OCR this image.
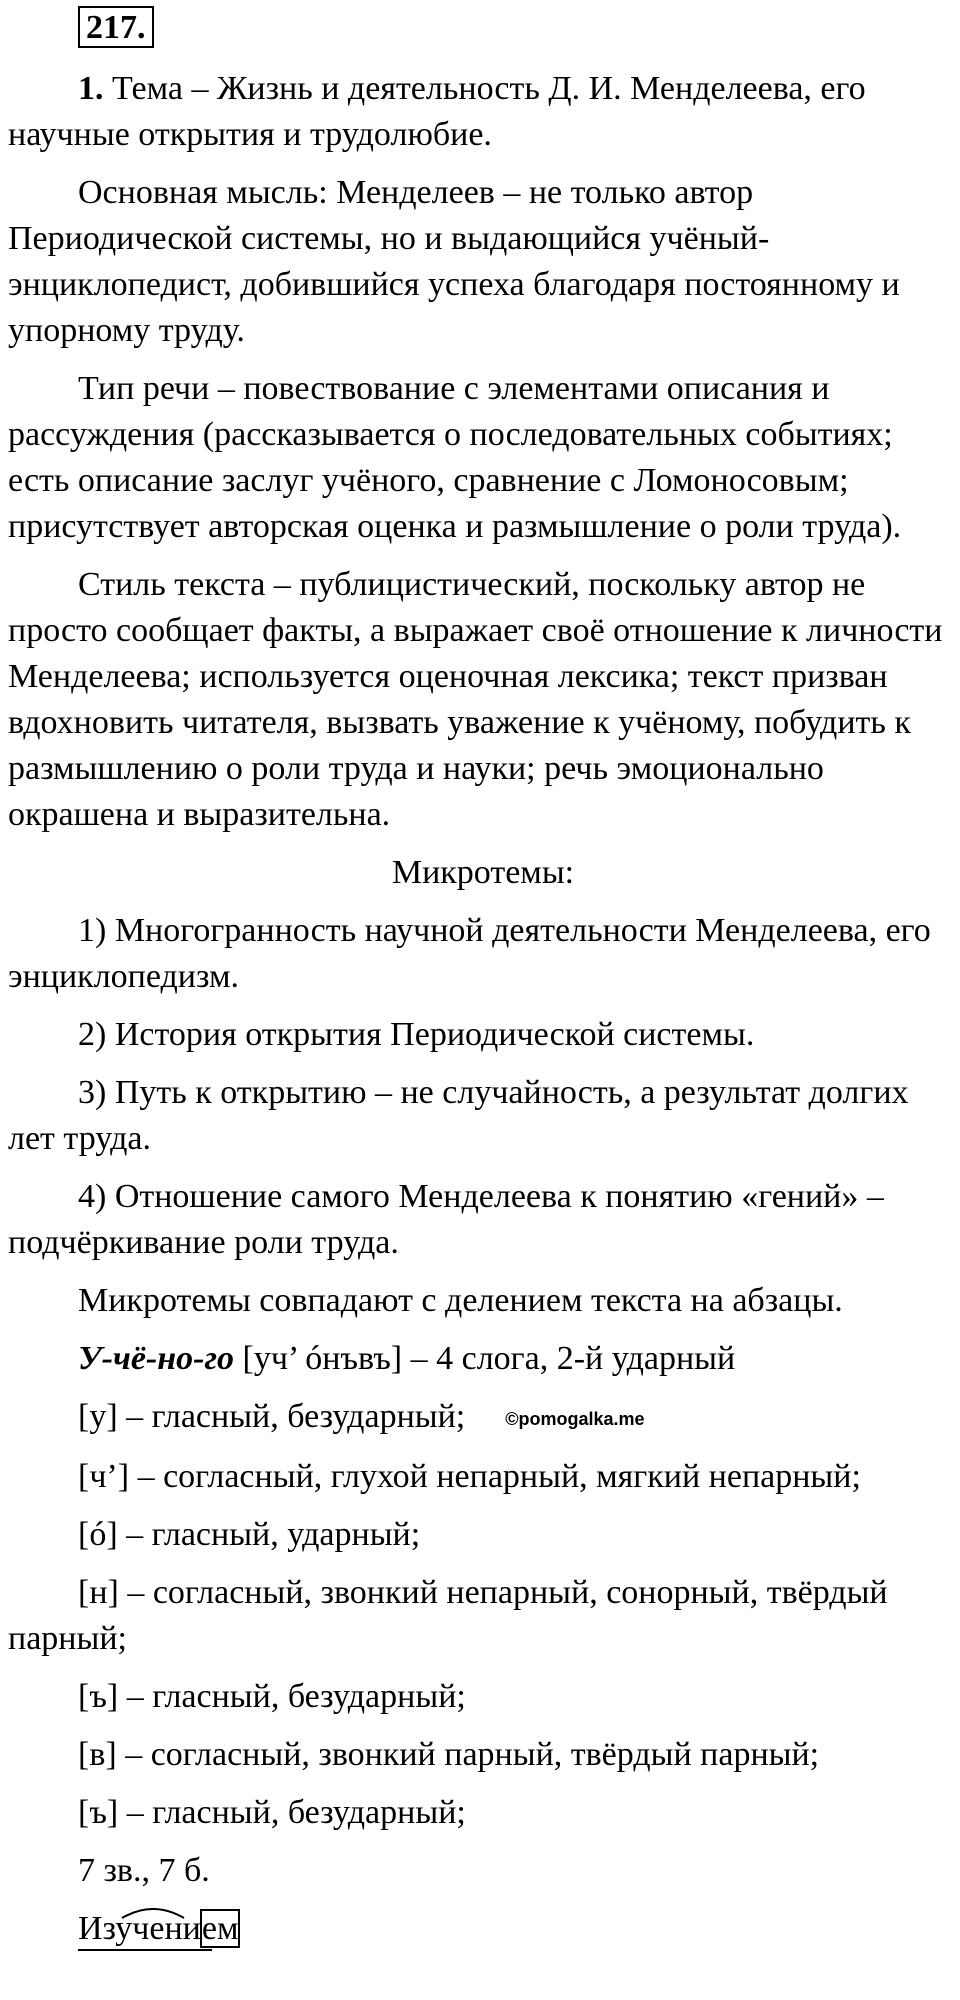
217.

1. Тема – Жизнь и деятельность Д. И. Менделеева, его научные открытия и трудолюбие.

Основная мысль: Менделеев – не только автор Периодической системы, но и выдающийся учёный-энциклопедист, добившийся успеха благодаря постоянному и упорному труду.

Тип речи – повествование с элементами описания и рассуждения (рассказывается о последовательных событиях; есть описание заслуг учёного, сравнение с Ломоносовым; присутствует авторская оценка и размышление о роли труда).

Стиль текста – публицистический, поскольку автор не просто сообщает факты, а выражает своё отношение к личности Менделеева; используется оценочная лексика; текст призван вдохновить читателя, вызвать уважение к учёному, побудить к размышлению о роли труда и науки; речь эмоционально окрашена и выразительна.

Микротемы:

1) Многогранность научной деятельности Менделеева, его энциклопедизм.

2) История открытия Периодической системы.

3) Путь к открытию – не случайность, а результат долгих лет труда.

4) Отношение самого Менделеева к понятию «гений» – подчёркивание роли труда.

Микротемы совпадают с делением текста на абзацы.

У-чё-но-го [уч’ óнъвъ] – 4 слога, 2-й ударный

[у] – гласный, безударный; ©pomogalka.me

[ч’] – согласный, глухой непарный, мягкий непарный;

[ó] – гласный, ударный;

[н] – согласный, звонкий непарный, сонорный, твёрдый парный;

[ъ] – гласный, безударный;

[в] – согласный, звонкий парный, твёрдый парный;

[ъ] – гласный, безударный;

7 зв., 7 б.

Изучением
